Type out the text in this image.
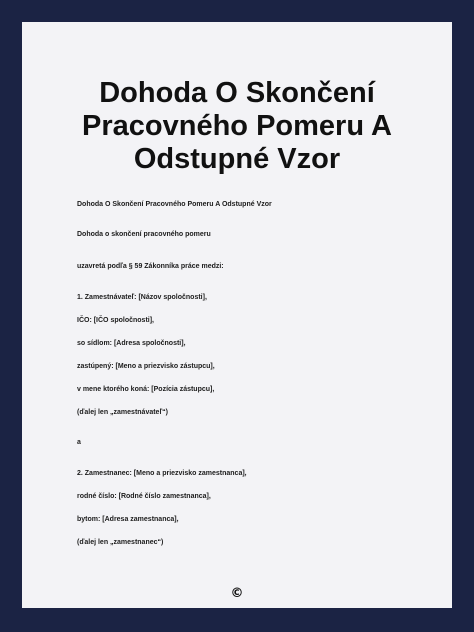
Dohoda O Skončení
Pracovného Pomeru A
Odstupné Vzor
Dohoda O Skončení Pracovného Pomeru A Odstupné Vzor
Dohoda o skončení pracovného pomeru
uzavretá podľa § 59 Zákonníka práce medzi:
1. Zamestnávateľ: [Názov spoločnosti],
IČO: [IČO spoločnosti],
so sídlom: [Adresa spoločnosti],
zastúpený: [Meno a priezvisko zástupcu],
v mene ktorého koná: [Pozícia zástupcu],
(ďalej len „zamestnávateľ“)
a
2. Zamestnanec: [Meno a priezvisko zamestnanca],
rodné číslo: [Rodné číslo zamestnanca],
bytom: [Adresa zamestnanca],
(ďalej len „zamestnanec“)
©
